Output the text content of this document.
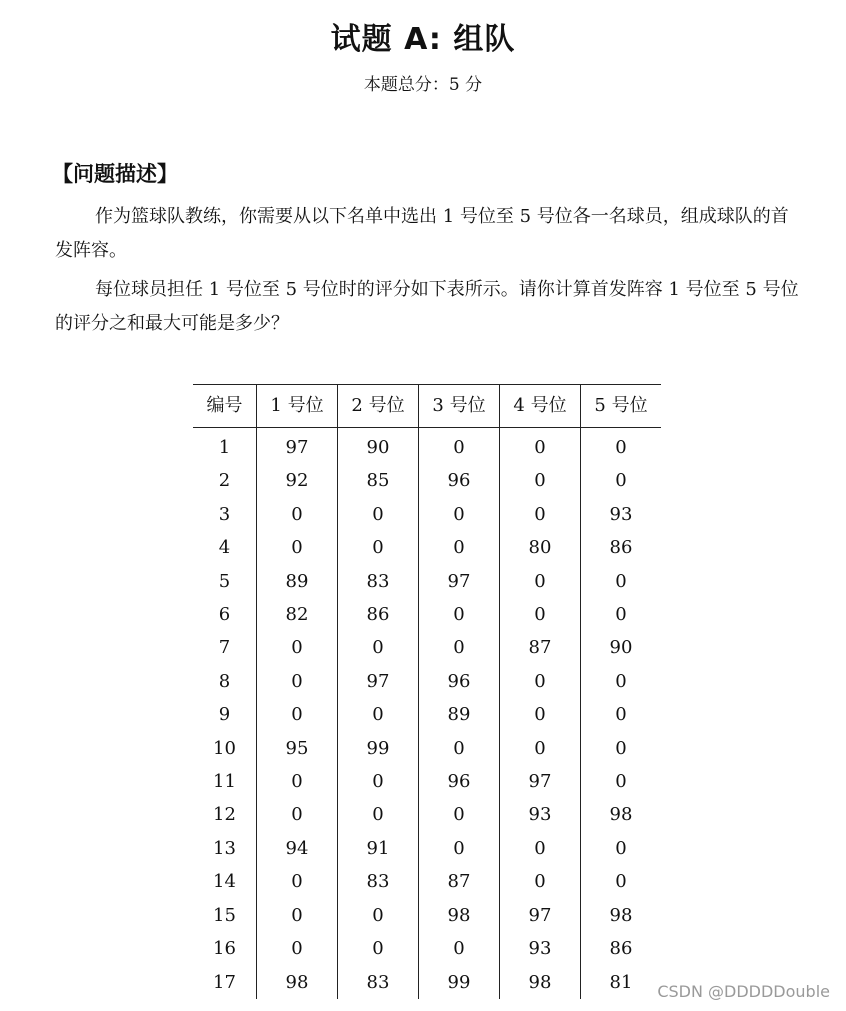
试题 A: 组队
本题总分：5 分
【问题描述】
作为篮球队教练，你需要从以下名单中选出 1 号位至 5 号位各一名球员，组成球队的首发阵容。
每位球员担任 1 号位至 5 号位时的评分如下表所示。请你计算首发阵容 1 号位至 5 号位的评分之和最大可能是多少？
编号	1 号位	2 号位	3 号位	4 号位	5 号位
1	97	90	0	0	0
2	92	85	96	0	0
3	0	0	0	0	93
4	0	0	0	80	86
5	89	83	97	0	0
6	82	86	0	0	0
7	0	0	0	87	90
8	0	97	96	0	0
9	0	0	89	0	0
10	95	99	0	0	0
11	0	0	96	97	0
12	0	0	0	93	98
13	94	91	0	0	0
14	0	83	87	0	0
15	0	0	98	97	98
16	0	0	0	93	86
17	98	83	99	98	81 CSDN @DDDDDouble
